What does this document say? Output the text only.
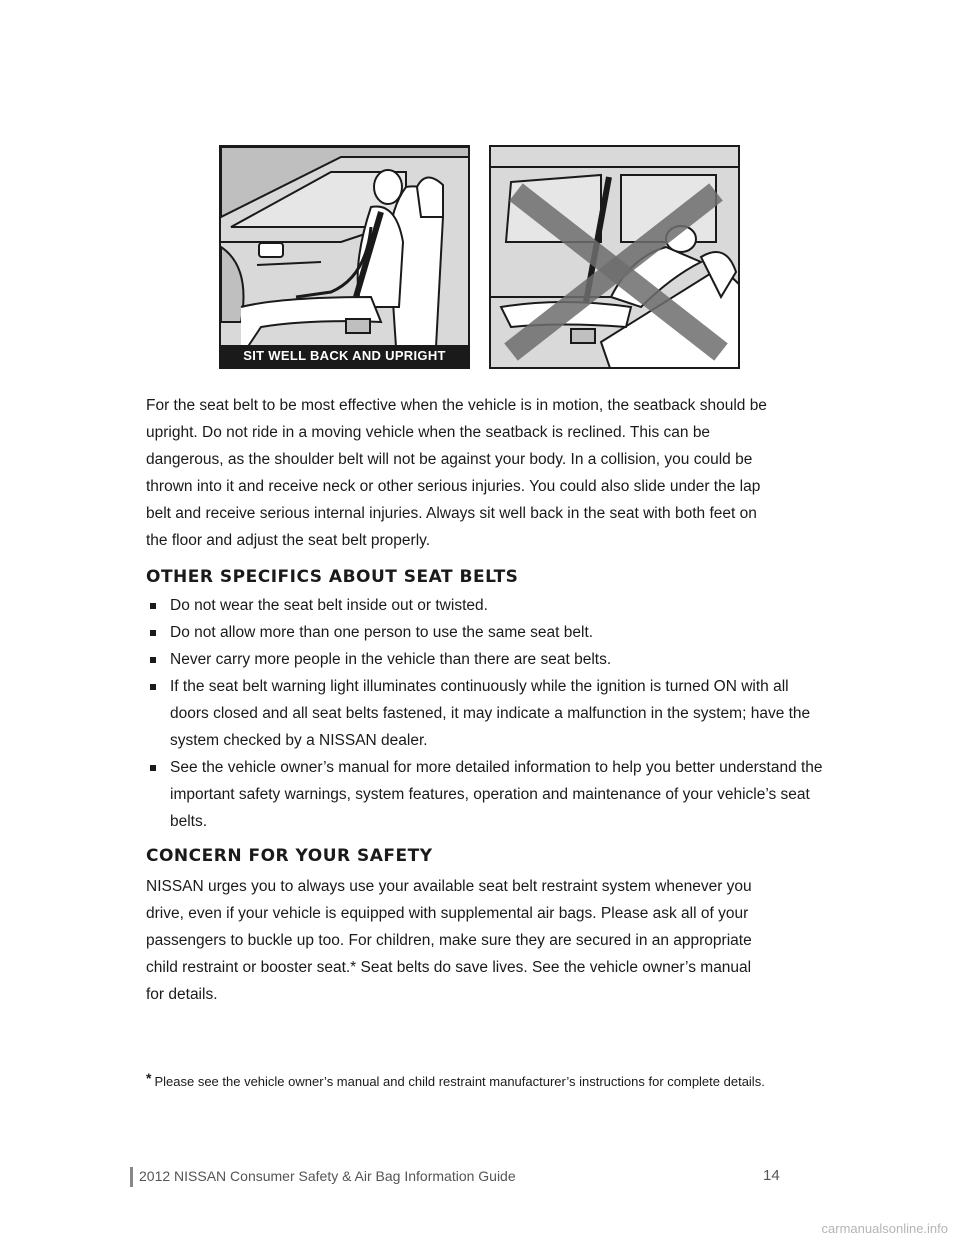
SIT WELL BACK AND UPRIGHT
For the seat belt to be most effective when the vehicle is in motion, the seatback should be
upright. Do not ride in a moving vehicle when the seatback is reclined. This can be
dangerous, as the shoulder belt will not be against your body. In a collision, you could be
thrown into it and receive neck or other serious injuries. You could also slide under the lap
belt and receive serious internal injuries. Always sit well back in the seat with both feet on
the floor and adjust the seat belt properly.
OTHER SPECIFICS ABOUT SEAT BELTS
Do not wear the seat belt inside out or twisted.
Do not allow more than one person to use the same seat belt.
Never carry more people in the vehicle than there are seat belts.
If the seat belt warning light illuminates continuously while the ignition is turned ON with all doors closed and all seat belts fastened, it may indicate a malfunction in the system; have the system checked by a NISSAN dealer.
See the vehicle owner’s manual for more detailed information to help you better understand the important safety warnings, system features, operation and maintenance of your vehicle’s seat belts.
CONCERN FOR YOUR SAFETY
NISSAN urges you to always use your available seat belt restraint system whenever you
drive, even if your vehicle is equipped with supplemental air bags. Please ask all of your
passengers to buckle up too. For children, make sure they are secured in an appropriate
child restraint or booster seat.* Seat belts do save lives. See the vehicle owner’s manual
for details.

* Please see the vehicle owner’s manual and child restraint manufacturer’s instructions for complete details.

2012 NISSAN Consumer Safety & Air Bag Information Guide	14
carmanualsonline.info
